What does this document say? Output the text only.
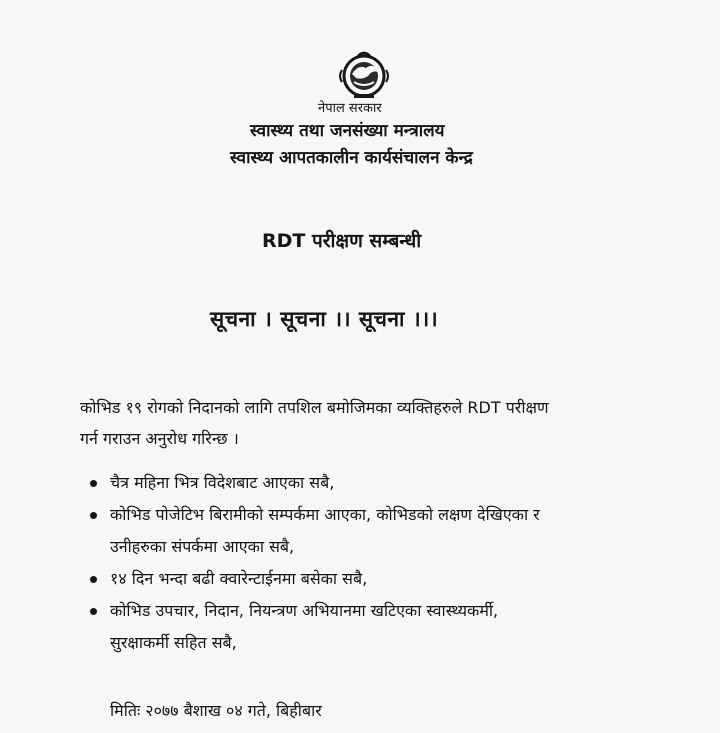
नेपाल सरकार
स्वास्थ्य तथा जनसंख्या मन्त्रालय
स्वास्थ्य आपतकालीन कार्यसंचालन केन्द्र
RDT परीक्षण सम्बन्धी
सूचना । सूचना ।। सूचना ।।।
कोभिड १९ रोगको निदानको लागि तपशिल बमोजिमका व्यक्तिहरुले RDT परीक्षण
गर्न गराउन अनुरोध गरिन्छ ।
चैत्र महिना भित्र विदेशबाट आएका सबै,
कोभिड पोजेटिभ बिरामीको सम्पर्कमा आएका, कोभिडको लक्षण देखिएका र
उनीहरुका संपर्कमा आएका सबै,
१४ दिन भन्दा बढी क्वारेन्टाईनमा बसेका सबै,
कोभिड उपचार, निदान, नियन्त्रण अभियानमा खटिएका स्वास्थ्यकर्मी,
सुरक्षाकर्मी सहित सबै,
मितिः २०७७ बैशाख ०४ गते, बिहीबार
